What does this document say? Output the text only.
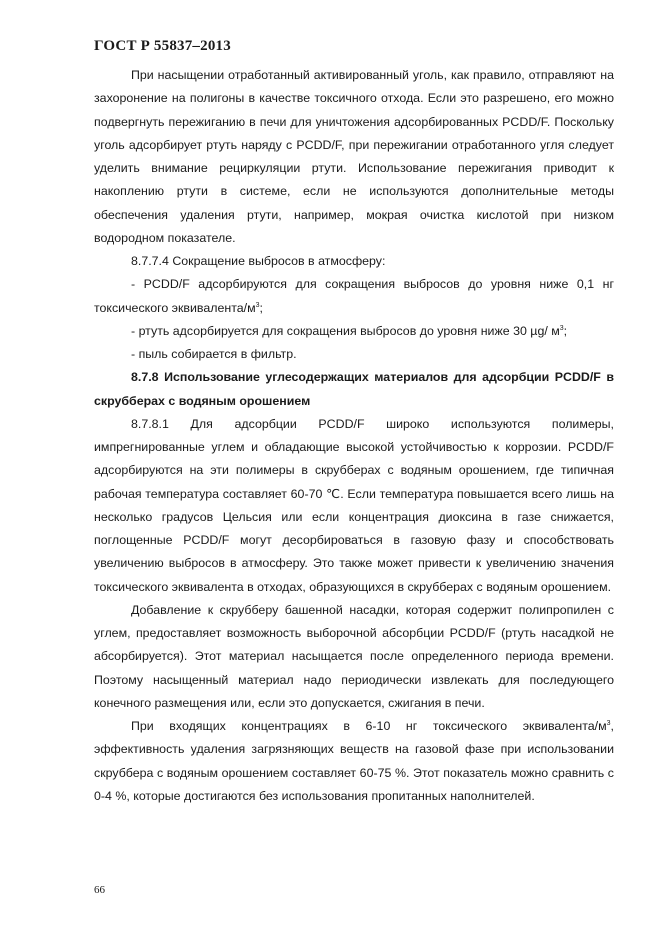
ГОСТ Р 55837–2013

При насыщении отработанный активированный уголь, как правило, отправляют на захоронение на полигоны в качестве токсичного отхода. Если это разрешено, его можно подвергнуть пережиганию в печи для уничтожения адсорбированных PCDD/F. Поскольку уголь адсорбирует ртуть наряду с PCDD/F, при пережигании отработанного угля следует уделить внимание рециркуляции ртути. Использование пережигания приводит к накоплению ртути в системе, если не используются дополнительные методы обеспечения удаления ртути, например, мокрая очистка кислотой при низком водородном показателе.

8.7.7.4 Сокращение выбросов в атмосферу:

- PCDD/F адсорбируются для сокращения выбросов до уровня ниже 0,1 нг токсического эквивалента/$м^3$;

- ртуть адсорбируется для сокращения выбросов до уровня ниже 30 µg/ $м^3$;

- пыль собирается в фильтр.

8.7.8 Использование углесодержащих материалов для адсорбции PCDD/F в скрубберах с водяным орошением

8.7.8.1 Для адсорбции PCDD/F широко используются полимеры, импрегнированные углем и обладающие высокой устойчивостью к коррозии. PCDD/F адсорбируются на эти полимеры в скрубберах с водяным орошением, где типичная рабочая температура составляет 60-70 ℃. Если температура повышается всего лишь на несколько градусов Цельсия или если концентрация диоксина в газе снижается, поглощенные PCDD/F могут десорбироваться в газовую фазу и способствовать увеличению выбросов в атмосферу. Это также может привести к увеличению значения токсического эквивалента в отходах, образующихся в скрубберах с водяным орошением.

Добавление к скрубберу башенной насадки, которая содержит полипропилен с углем, предоставляет возможность выборочной абсорбции PCDD/F (ртуть насадкой не абсорбируется). Этот материал насыщается после определенного периода времени. Поэтому насыщенный материал надо периодически извлекать для последующего конечного размещения или, если это допускается, сжигания в печи.

При входящих концентрациях в 6-10 нг токсического эквивалента/$м^3$, эффективность удаления загрязняющих веществ на газовой фазе при использовании скруббера с водяным орошением составляет 60-75 %. Этот показатель можно сравнить с 0-4 %, которые достигаются без использования пропитанных наполнителей.

66
